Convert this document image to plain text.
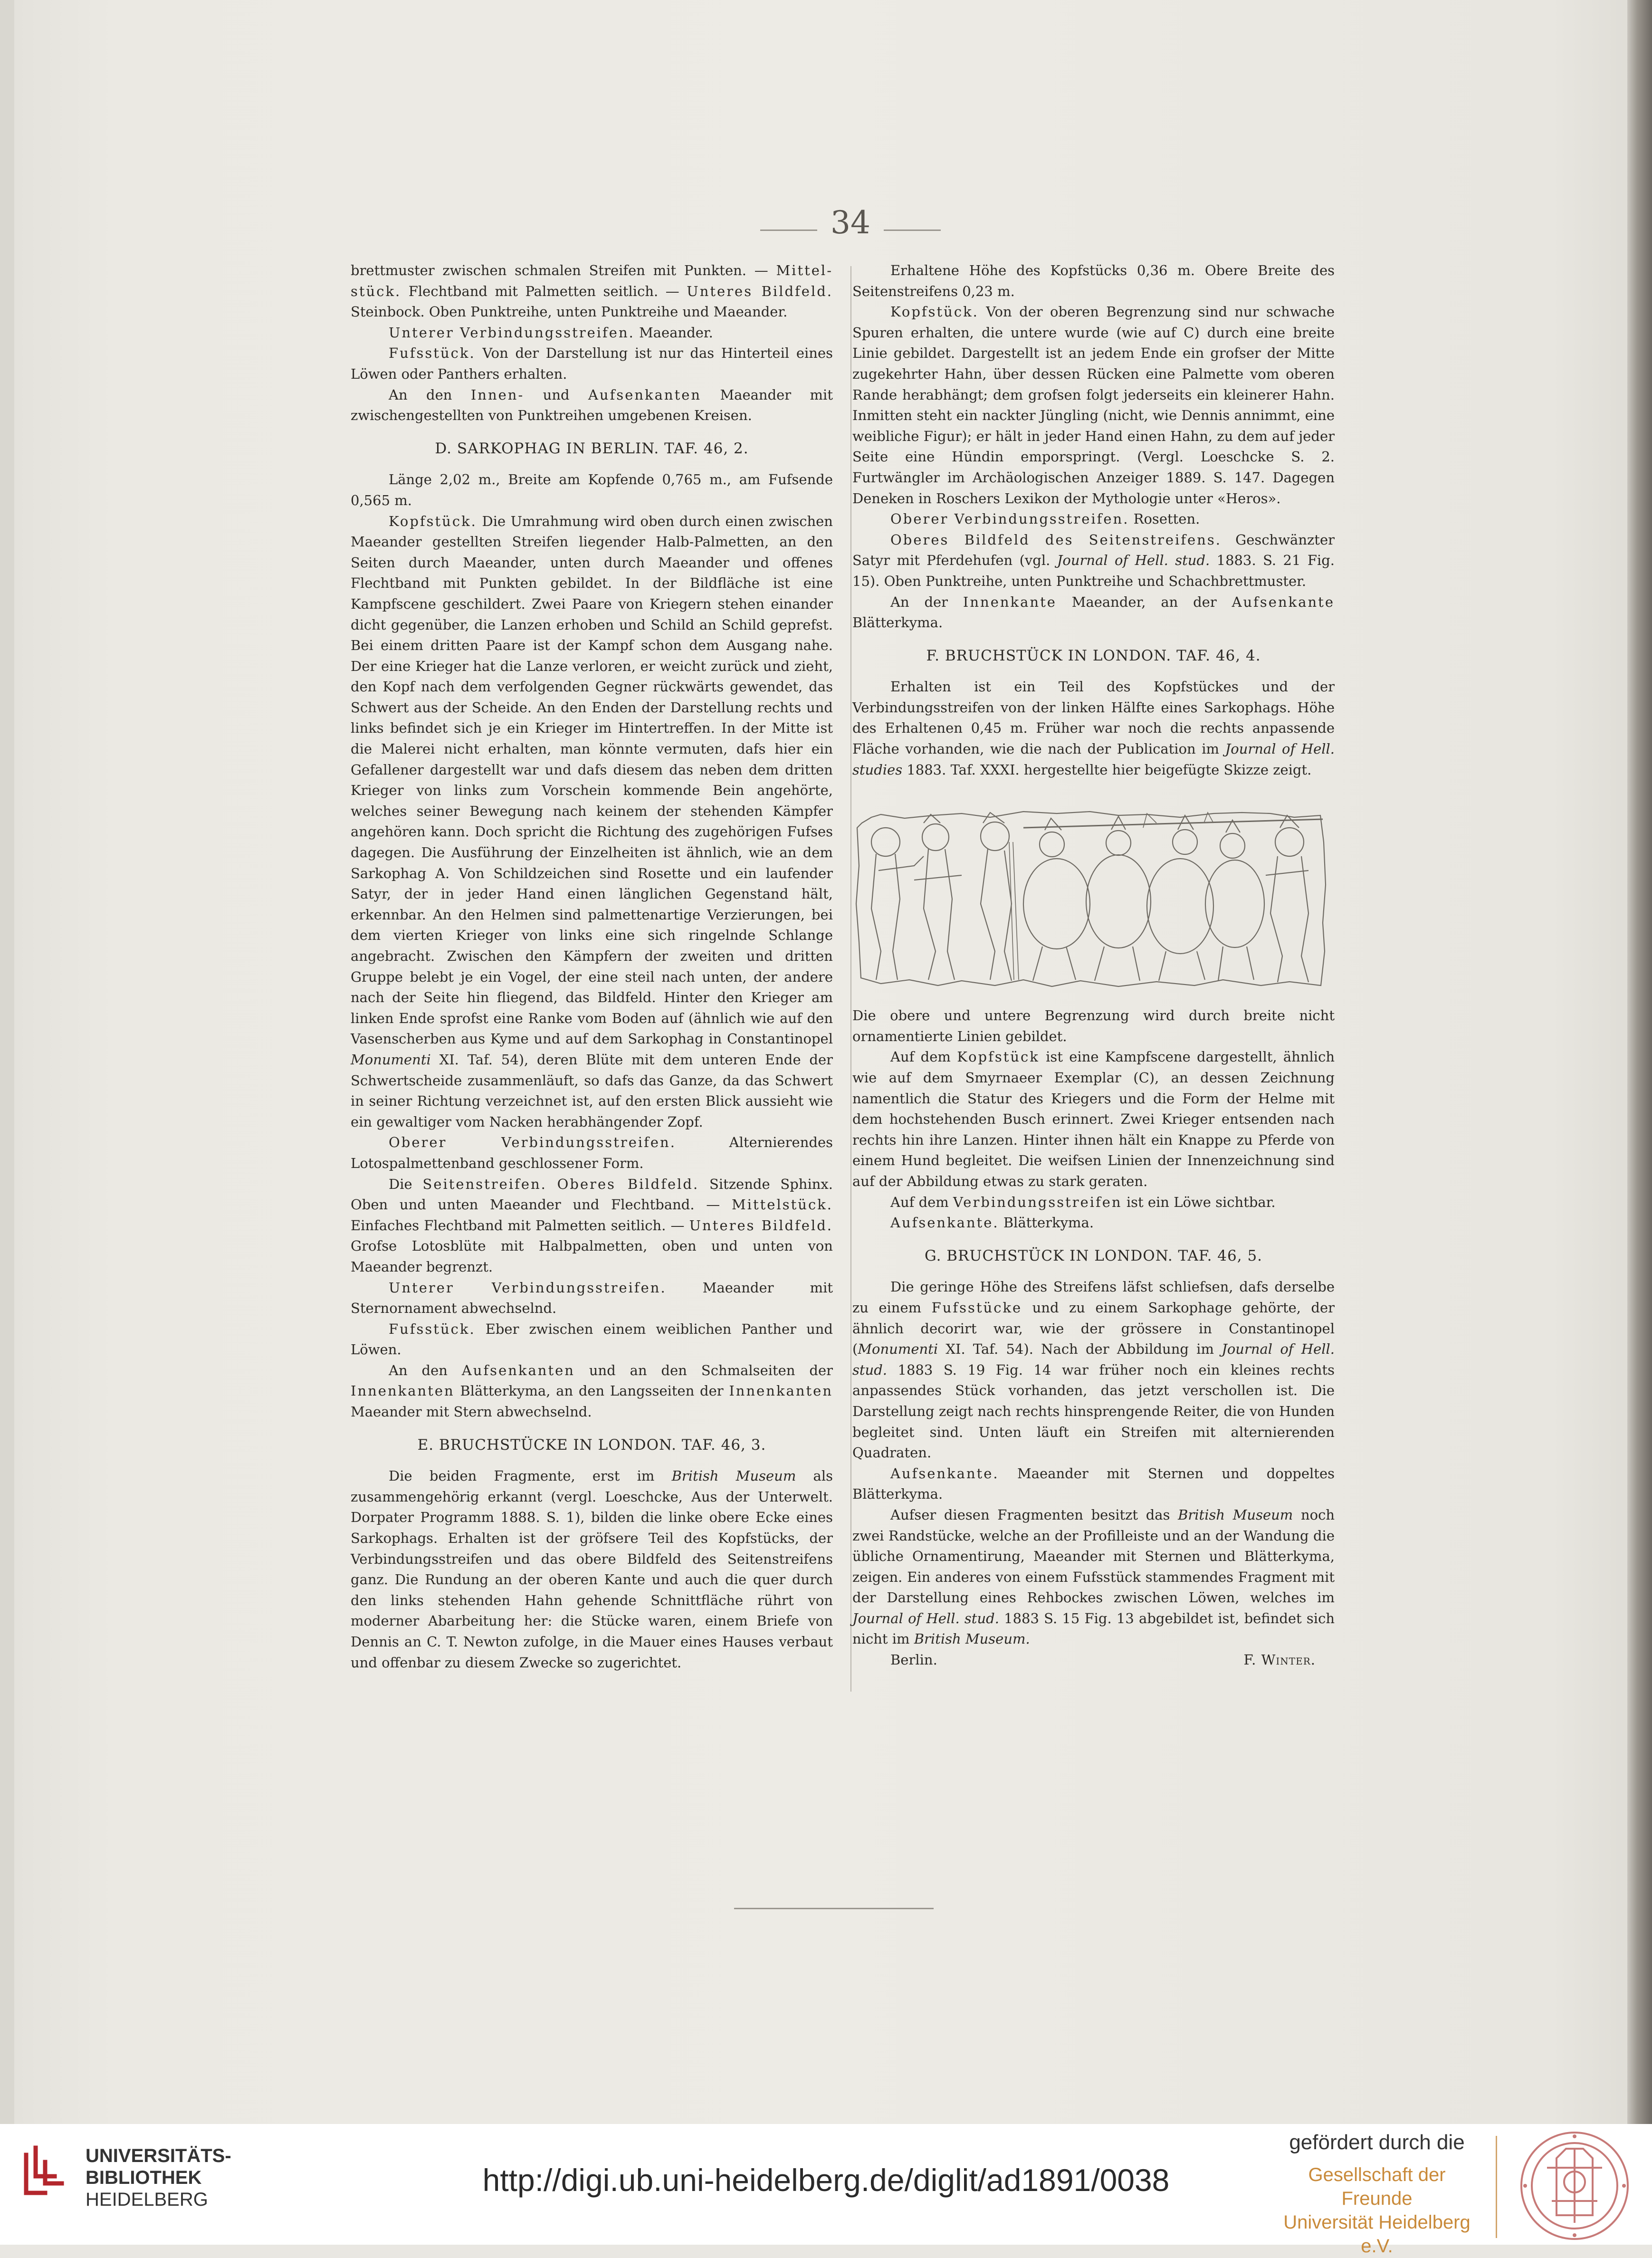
34

brettmuster zwischen schmalen Streifen mit Punkten. — Mittel- stück. Flechtband mit Palmetten seitlich. — Unteres Bildfeld. Steinbock. Oben Punktreihe, unten Punktreihe und Maeander.

Unterer Verbindungsstreifen. Maeander.

Fufsstück. Von der Darstellung ist nur das Hinterteil eines Löwen oder Panthers erhalten.

An den Innen- und Aufsenkanten Maeander mit zwischengestellten von Punktreihen umgebenen Kreisen.

D. SARKOPHAG IN BERLIN. TAF. 46, 2.

Länge 2,02 m., Breite am Kopfende 0,765 m., am Fufsende 0,565 m.

Kopfstück. Die Umrahmung wird oben durch einen zwischen Maeander gestellten Streifen liegender Halb-Palmetten, an den Seiten durch Maeander, unten durch Maeander und offenes Flechtband mit Punkten gebildet. In der Bildfläche ist eine Kampfscene geschildert. Zwei Paare von Kriegern stehen einander dicht gegenüber, die Lanzen erhoben und Schild an Schild geprefst. Bei einem dritten Paare ist der Kampf schon dem Ausgang nahe. Der eine Krieger hat die Lanze verloren, er weicht zurück und zieht, den Kopf nach dem verfolgenden Gegner rückwärts gewendet, das Schwert aus der Scheide. An den Enden der Darstellung rechts und links befindet sich je ein Krieger im Hintertreffen. In der Mitte ist die Malerei nicht erhalten, man könnte vermuten, dafs hier ein Gefallener dargestellt war und dafs diesem das neben dem dritten Krieger von links zum Vorschein kommende Bein angehörte, welches seiner Bewegung nach keinem der stehenden Kämpfer angehören kann. Doch spricht die Richtung des zugehörigen Fufses dagegen. Die Ausführung der Einzelheiten ist ähnlich, wie an dem Sarkophag A. Von Schildzeichen sind Rosette und ein laufender Satyr, der in jeder Hand einen länglichen Gegenstand hält, erkennbar. An den Helmen sind palmettenartige Verzierungen, bei dem vierten Krieger von links eine sich ringelnde Schlange angebracht. Zwischen den Kämpfern der zweiten und dritten Gruppe belebt je ein Vogel, der eine steil nach unten, der andere nach der Seite hin fliegend, das Bildfeld. Hinter den Krieger am linken Ende sprofst eine Ranke vom Boden auf (ähnlich wie auf den Vasenscherben aus Kyme und auf dem Sarkophag in Constantinopel Monumenti XI. Taf. 54), deren Blüte mit dem unteren Ende der Schwertscheide zusammenläuft, so dafs das Ganze, da das Schwert in seiner Richtung verzeichnet ist, auf den ersten Blick aussieht wie ein gewaltiger vom Nacken herabhängender Zopf.

Oberer Verbindungsstreifen. Alternierendes Lotospalmettenband geschlossener Form.

Die Seitenstreifen. Oberes Bildfeld. Sitzende Sphinx. Oben und unten Maeander und Flechtband. — Mittelstück. Einfaches Flechtband mit Palmetten seitlich. — Unteres Bildfeld. Grofse Lotosblüte mit Halbpalmetten, oben und unten von Maeander begrenzt.

Unterer Verbindungsstreifen. Maeander mit Sternornament abwechselnd.

Fufsstück. Eber zwischen einem weiblichen Panther und Löwen.

An den Aufsenkanten und an den Schmalseiten der Innenkanten Blätterkyma, an den Langsseiten der Innenkanten Maeander mit Stern abwechselnd.

E. BRUCHSTÜCKE IN LONDON. TAF. 46, 3.

Die beiden Fragmente, erst im British Museum als zusammengehörig erkannt (vergl. Loeschcke, Aus der Unterwelt. Dorpater Programm 1888. S. 1), bilden die linke obere Ecke eines Sarkophags. Erhalten ist der gröfsere Teil des Kopfstücks, der Verbindungsstreifen und das obere Bildfeld des Seitenstreifens ganz. Die Rundung an der oberen Kante und auch die quer durch den links stehenden Hahn gehende Schnittfläche rührt von moderner Abarbeitung her: die Stücke waren, einem Briefe von Dennis an C. T. Newton zufolge, in die Mauer eines Hauses verbaut und offenbar zu diesem Zwecke so zugerichtet.

Erhaltene Höhe des Kopfstücks 0,36 m. Obere Breite des Seitenstreifens 0,23 m.

Kopfstück. Von der oberen Begrenzung sind nur schwache Spuren erhalten, die untere wurde (wie auf C) durch eine breite Linie gebildet. Dargestellt ist an jedem Ende ein grofser der Mitte zugekehrter Hahn, über dessen Rücken eine Palmette vom oberen Rande herabhängt; dem grofsen folgt jederseits ein kleinerer Hahn. Inmitten steht ein nackter Jüngling (nicht, wie Dennis annimmt, eine weibliche Figur); er hält in jeder Hand einen Hahn, zu dem auf jeder Seite eine Hündin emporspringt. (Vergl. Loeschcke S. 2. Furtwängler im Archäologischen Anzeiger 1889. S. 147. Dagegen Deneken in Roschers Lexikon der Mythologie unter «Heros».

Oberer Verbindungsstreifen. Rosetten.

Oberes Bildfeld des Seitenstreifens. Geschwänzter Satyr mit Pferdehufen (vgl. Journal of Hell. stud. 1883. S. 21 Fig. 15). Oben Punktreihe, unten Punktreihe und Schachbrettmuster.

An der Innenkante Maeander, an der Aufsenkante Blätterkyma.

F. BRUCHSTÜCK IN LONDON. TAF. 46, 4.

Erhalten ist ein Teil des Kopfstückes und der Verbindungsstreifen von der linken Hälfte eines Sarkophags. Höhe des Erhaltenen 0,45 m. Früher war noch die rechts anpassende Fläche vorhanden, wie die nach der Publication im Journal of Hell. studies 1883. Taf. XXXI. hergestellte hier beigefügte Skizze zeigt.

Die obere und untere Begrenzung wird durch breite nicht ornamentierte Linien gebildet.

Auf dem Kopfstück ist eine Kampfscene dargestellt, ähnlich wie auf dem Smyrnaeer Exemplar (C), an dessen Zeichnung namentlich die Statur des Kriegers und die Form der Helme mit dem hochstehenden Busch erinnert. Zwei Krieger entsenden nach rechts hin ihre Lanzen. Hinter ihnen hält ein Knappe zu Pferde von einem Hund begleitet. Die weifsen Linien der Innenzeichnung sind auf der Abbildung etwas zu stark geraten.

Auf dem Verbindungsstreifen ist ein Löwe sichtbar.

Aufsenkante. Blätterkyma.

G. BRUCHSTÜCK IN LONDON. TAF. 46, 5.

Die geringe Höhe des Streifens läfst schliefsen, dafs derselbe zu einem Fufsstücke und zu einem Sarkophage gehörte, der ähnlich decorirt war, wie der grössere in Constantinopel (Monumenti XI. Taf. 54). Nach der Abbildung im Journal of Hell. stud. 1883 S. 19 Fig. 14 war früher noch ein kleines rechts anpassendes Stück vorhanden, das jetzt verschollen ist. Die Darstellung zeigt nach rechts hinsprengende Reiter, die von Hunden begleitet sind. Unten läuft ein Streifen mit alternierenden Quadraten.

Aufsenkante. Maeander mit Sternen und doppeltes Blätterkyma.

Aufser diesen Fragmenten besitzt das British Museum noch zwei Randstücke, welche an der Profilleiste und an der Wandung die übliche Ornamentirung, Maeander mit Sternen und Blätterkyma, zeigen. Ein anderes von einem Fufsstück stammendes Fragment mit der Darstellung eines Rehbockes zwischen Löwen, welches im Journal of Hell. stud. 1883 S. 15 Fig. 13 abgebildet ist, befindet sich nicht im British Museum.

Berlin.	F. Winter.
UNIVERSITÄTS-
BIBLIOTHEK
HEIDELBERG
http://digi.ub.uni-heidelberg.de/diglit/ad1891/0038
gefördert durch die
Gesellschaft der Freunde
Universität Heidelberg e.V.
